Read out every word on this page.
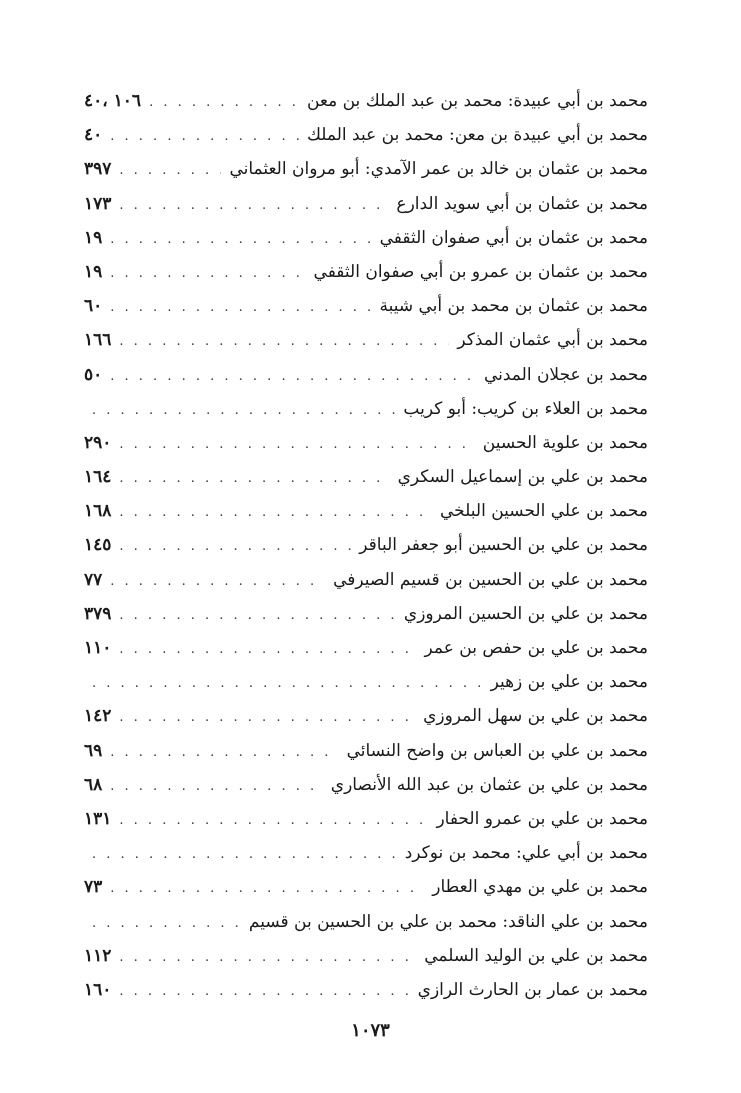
محمد بن أبي عبيدة: محمد بن عبد الملك بن معن
. . .
١٠٦ ،٤٠
محمد بن أبي عبيدة بن معن: محمد بن عبد الملك
. . .
٤٠
محمد بن عثمان بن خالد بن عمر الآمدي: أبو مروان العثماني
. . .
٣٩٧
محمد بن عثمان بن أبي سويد الدارع
. . .
١٧٣
محمد بن عثمان بن أبي صفوان الثقفي
. . .
١٩
محمد بن عثمان بن عمرو بن أبي صفوان الثقفي
. . .
١٩
محمد بن عثمان بن محمد بن أبي شيبة
. . .
٦٠
محمد بن أبي عثمان المذكر
. . .
١٦٦
محمد بن عجلان المدني
. . .
٥٠
محمد بن العلاء بن كريب: أبو كريب
. . .
محمد بن علوية الحسين
. . .
٢٩٠
محمد بن علي بن إسماعيل السكري
. . .
١٦٤
محمد بن علي الحسين البلخي
. . .
١٦٨
محمد بن علي بن الحسين أبو جعفر الباقر
. . .
١٤٥
محمد بن علي بن الحسين بن قسيم الصيرفي
. . .
٧٧
محمد بن علي بن الحسين المروزي
. . .
٣٧٩
محمد بن علي بن حفص بن عمر
. . .
١١٠
محمد بن علي بن زهير
. . .
محمد بن علي بن سهل المروزي
. . .
١٤٢
محمد بن علي بن العباس بن واضح النسائي
. . .
٦٩
محمد بن علي بن عثمان بن عبد الله الأنصاري
. . .
٦٨
محمد بن علي بن عمرو الحفار
. . .
١٣١
محمد بن أبي علي: محمد بن نوكرد
. . .
محمد بن علي بن مهدي العطار
. . .
٧٣
محمد بن علي الناقد: محمد بن علي بن الحسين بن قسيم
. . .
محمد بن علي بن الوليد السلمي
. . .
١١٢
محمد بن عمار بن الحارث الرازي
. . .
١٦٠
١٠٧٣
